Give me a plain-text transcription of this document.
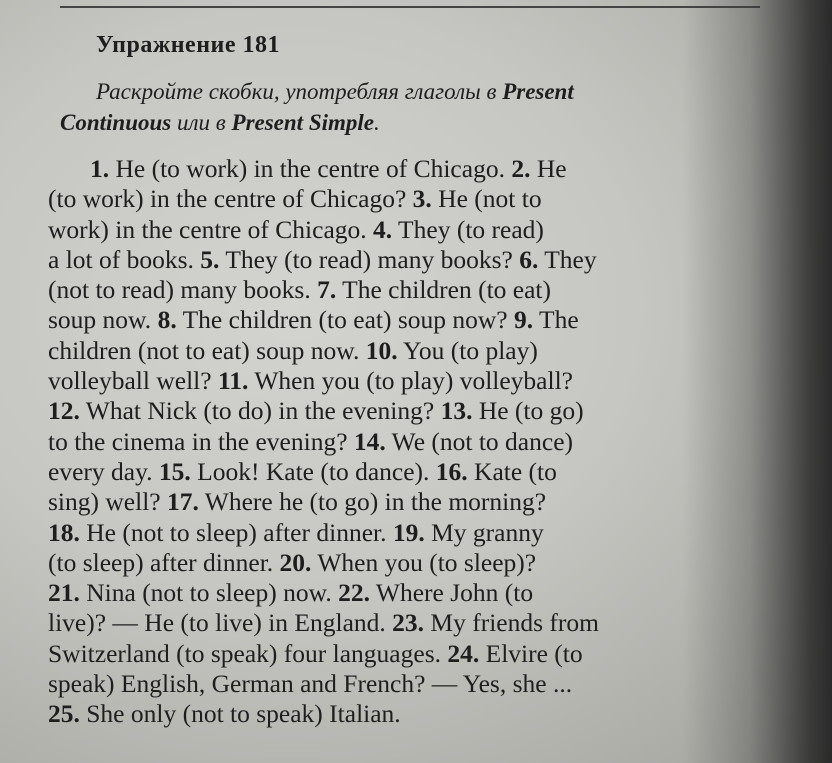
Упражнение 181

Раскройте скобки, употребляя глаголы в Present
Continuous или в Present Simple.

1. He (to work) in the centre of Chicago. 2. He
(to work) in the centre of Chicago? 3. He (not to
work) in the centre of Chicago. 4. They (to read)
a lot of books. 5. They (to read) many books? 6. They
(not to read) many books. 7. The children (to eat)
soup now. 8. The children (to eat) soup now? 9. The
children (not to eat) soup now. 10. You (to play)
volleyball well? 11. When you (to play) volleyball?
12. What Nick (to do) in the evening? 13. He (to go)
to the cinema in the evening? 14. We (not to dance)
every day. 15. Look! Kate (to dance). 16. Kate (to
sing) well? 17. Where he (to go) in the morning?
18. He (not to sleep) after dinner. 19. My granny
(to sleep) after dinner. 20. When you (to sleep)?
21. Nina (not to sleep) now. 22. Where John (to
live)? — He (to live) in England. 23. My friends from
Switzerland (to speak) four languages. 24. Elvire (to
speak) English, German and French? — Yes, she ...
25. She only (not to speak) Italian.
